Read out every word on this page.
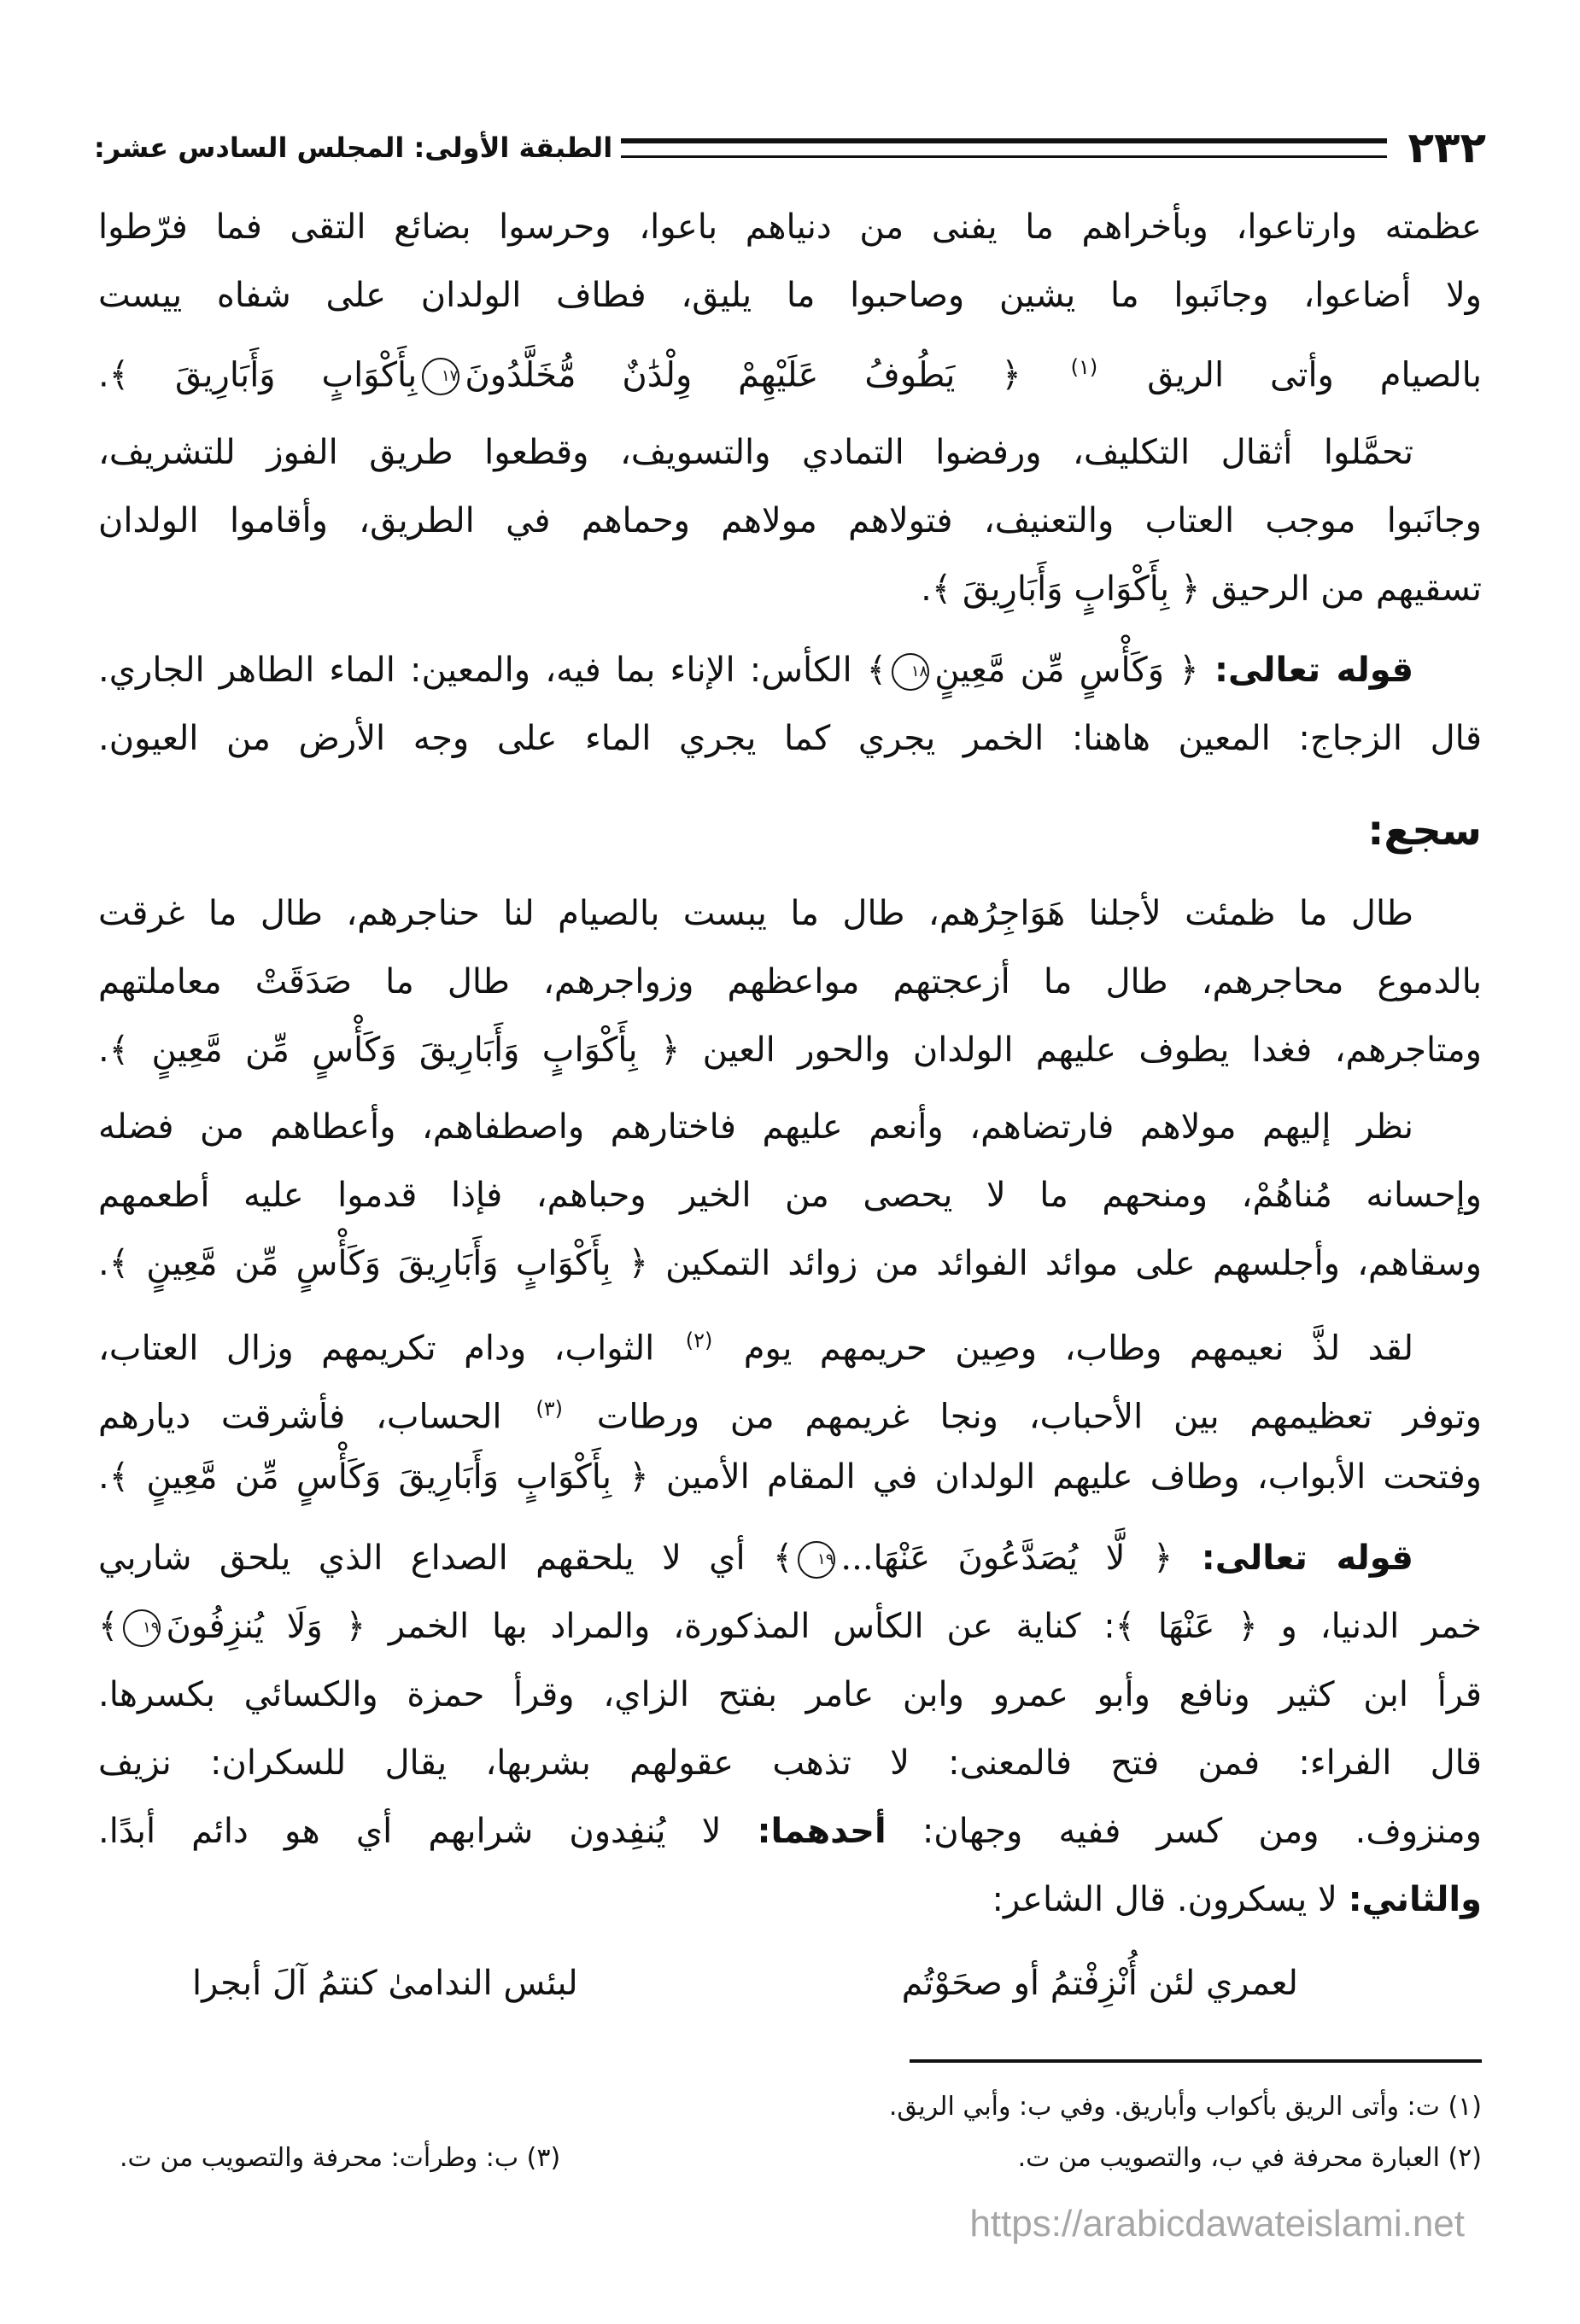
٢٣٢
الطبقة الأولى: المجلس السادس عشر:
عظمته وارتاعوا، وبأخراهم ما يفنى من دنياهم باعوا، وحرسوا بضائع التقى فما فرّطوا
ولا أضاعوا، وجانَبوا ما يشين وصاحبوا ما يليق، فطاف الولدان على شفاه ييست
بالصيام وأتى الريق $^{(١)}$ ﴿ يَطُوفُ عَلَيْهِمْ وِلْدَٰنٌ مُّخَلَّدُونَ١٧بِأَكْوَابٍ وَأَبَارِيقَ ﴾.
تحمَّلوا أثقال التكليف، ورفضوا التمادي والتسويف، وقطعوا طريق الفوز للتشريف،
وجانَبوا موجب العتاب والتعنيف، فتولاهم مولاهم وحماهم في الطريق، وأقاموا الولدان
تسقيهم من الرحيق ﴿ بِأَكْوَابٍ وَأَبَارِيقَ ﴾.
قوله تعالى: ﴿ وَكَأْسٍ مِّن مَّعِينٍ١٨﴾ الكأس: الإناء بما فيه، والمعين: الماء الطاهر الجاري.
قال الزجاج: المعين هاهنا: الخمر يجري كما يجري الماء على وجه الأرض من العيون.
طال ما ظمئت لأجلنا هَوَاجِرُهم، طال ما يبست بالصيام لنا حناجرهم، طال ما غرقت
بالدموع محاجرهم، طال ما أزعجتهم مواعظهم وزواجرهم، طال ما صَدَقَتْ معاملتهم
ومتاجرهم، فغدا يطوف عليهم الولدان والحور العين ﴿ بِأَكْوَابٍ وَأَبَارِيقَ وَكَأْسٍ مِّن مَّعِينٍ ﴾.
نظر إليهم مولاهم فارتضاهم، وأنعم عليهم فاختارهم واصطفاهم، وأعطاهم من فضله
وإحسانه مُناهُمْ، ومنحهم ما لا يحصى من الخير وحباهم، فإذا قدموا عليه أطعمهم
وسقاهم، وأجلسهم على موائد الفوائد من زوائد التمكين ﴿ بِأَكْوَابٍ وَأَبَارِيقَ وَكَأْسٍ مِّن مَّعِينٍ ﴾.
لقد لذَّ نعيمهم وطاب، وصِين حريمهم يوم $^{(٢)}$ الثواب، ودام تكريمهم وزال العتاب،
وتوفر تعظيمهم بين الأحباب، ونجا غريمهم من ورطات $^{(٣)}$ الحساب، فأشرقت ديارهم
وفتحت الأبواب، وطاف عليهم الولدان في المقام الأمين ﴿ بِأَكْوَابٍ وَأَبَارِيقَ وَكَأْسٍ مِّن مَّعِينٍ ﴾.
قوله تعالى: ﴿ لَّا يُصَدَّعُونَ عَنْهَا...١٩﴾ أي لا يلحقهم الصداع الذي يلحق شاربي
خمر الدنيا، و ﴿ عَنْهَا ﴾: كناية عن الكأس المذكورة، والمراد بها الخمر ﴿ وَلَا يُنزِفُونَ١٩﴾
قرأ ابن كثير ونافع وأبو عمرو وابن عامر بفتح الزاي، وقرأ حمزة والكسائي بكسرها.
قال الفراء: فمن فتح فالمعنى: لا تذهب عقولهم بشربها، يقال للسكران: نزيف
ومنزوف. ومن كسر ففيه وجهان: أحدهما: لا يُنفِدون شرابهم أي هو دائم أبدًا.
والثاني: لا يسكرون. قال الشاعر:
سجع:
لعمري لئن أُنْزِفْتمُ أو صحَوْتُم
لبئس الندامىٰ كنتمُ آلَ أبجرا
(١) ت: وأتى الريق بأكواب وأباريق. وفي ب: وأبي الريق.
(٢) العبارة محرفة في ب، والتصويب من ت.
(٣) ب: وطرأت: محرفة والتصويب من ت.
https://arabicdawateislami.net
